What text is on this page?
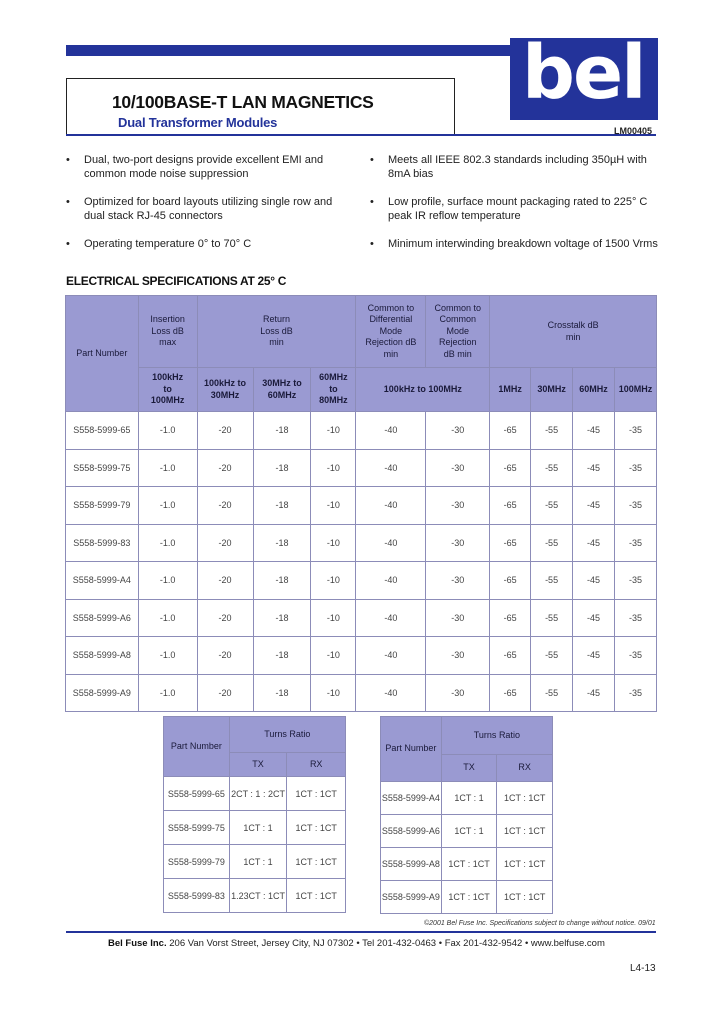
bel
10/100BASE-T LAN MAGNETICS
Dual Transformer Modules
LM00405
• Dual, two-port designs provide excellent EMI and common mode noise suppression
• Optimized for board layouts utilizing single row and dual stack RJ-45 connectors
• Operating temperature 0° to 70° C
• Meets all IEEE 802.3 standards including 350µH with 8mA bias
• Low profile, surface mount packaging rated to 225° C peak IR reflow temperature
• Minimum interwinding breakdown voltage of 1500 Vrms
ELECTRICAL SPECIFICATIONS AT 25° C
Part Number	Insertion Loss dB max	Return Loss dB min			Common to Differential Mode Rejection dB min	Common to Common Mode Rejection dB min	Crosstalk dB min			
	100kHz to 100MHz	100kHz to 30MHz	30MHz to 60MHz	60MHz to 80MHz	100kHz to 100MHz		1MHz	30MHz	60MHz	100MHz
S558-5999-65	-1.0	-20	-18	-10	-40	-30	-65	-55	-45	-35
S558-5999-75	-1.0	-20	-18	-10	-40	-30	-65	-55	-45	-35
S558-5999-79	-1.0	-20	-18	-10	-40	-30	-65	-55	-45	-35
S558-5999-83	-1.0	-20	-18	-10	-40	-30	-65	-55	-45	-35
S558-5999-A4	-1.0	-20	-18	-10	-40	-30	-65	-55	-45	-35
S558-5999-A6	-1.0	-20	-18	-10	-40	-30	-65	-55	-45	-35
S558-5999-A8	-1.0	-20	-18	-10	-40	-30	-65	-55	-45	-35
S558-5999-A9	-1.0	-20	-18	-10	-40	-30	-65	-55	-45	-35
Part Number	Turns Ratio	
	TX	RX
S558-5999-65	2CT : 1 : 2CT	1CT : 1CT
S558-5999-75	1CT : 1	1CT : 1CT
S558-5999-79	1CT : 1	1CT : 1CT
S558-5999-83	1.23CT : 1CT	1CT : 1CT
Part Number	Turns Ratio	
	TX	RX
S558-5999-A4	1CT : 1	1CT : 1CT
S558-5999-A6	1CT : 1	1CT : 1CT
S558-5999-A8	1CT : 1CT	1CT : 1CT
S558-5999-A9	1CT : 1CT	1CT : 1CT
©2001 Bel Fuse Inc. Specifications subject to change without notice. 09/01
Bel Fuse Inc. 206 Van Vorst Street, Jersey City, NJ 07302 • Tel 201-432-0463 • Fax 201-432-9542 • www.belfuse.com
L4-13
